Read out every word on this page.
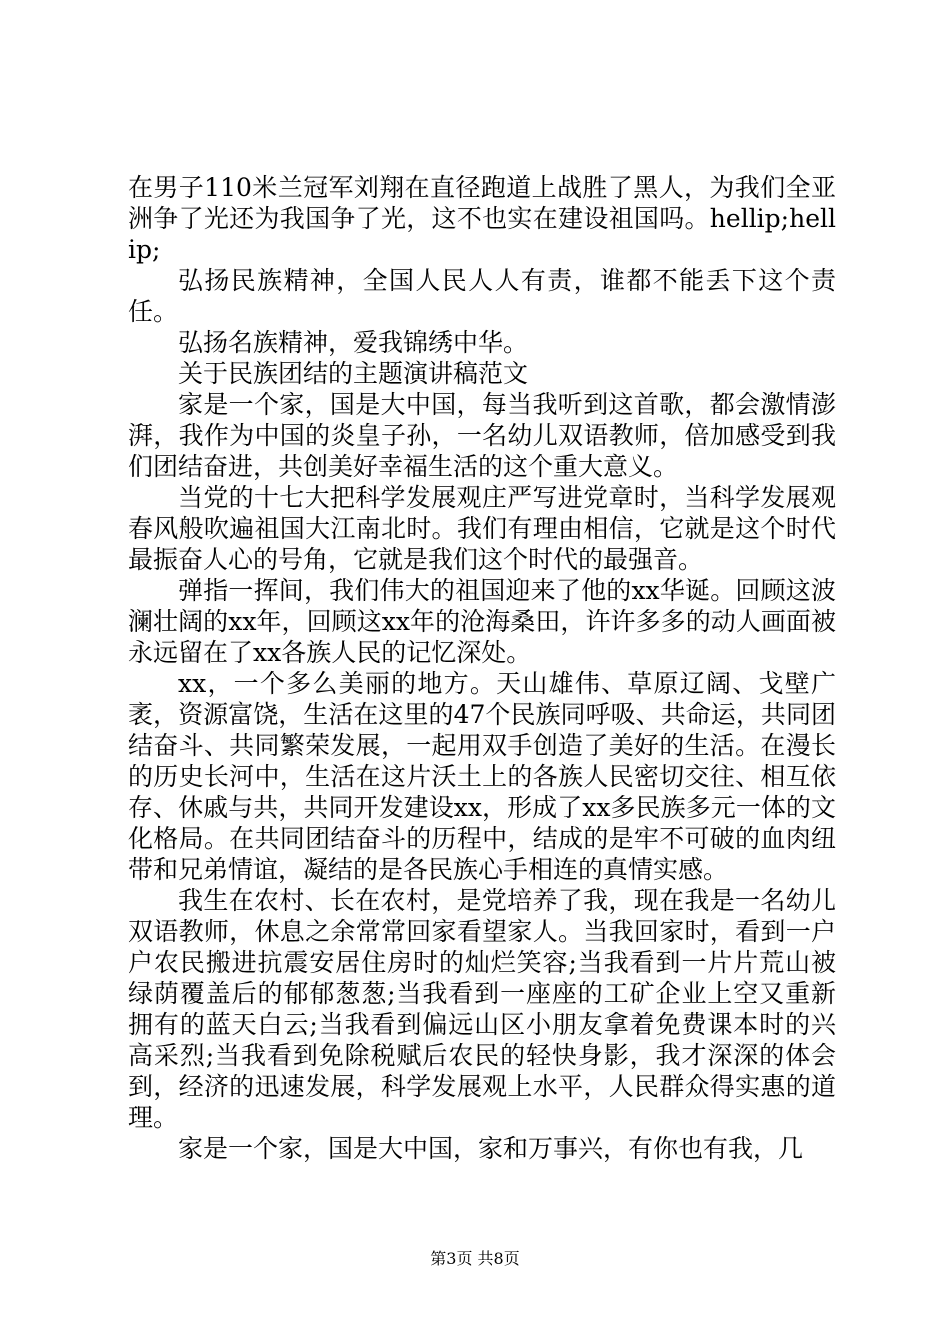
在男子110米兰冠军刘翔在直径跑道上战胜了黑人，为我们全亚洲争了光还为我国争了光，这不也实在建设祖国吗。hellip;hellip;

弘扬民族精神，全国人民人人有责，谁都不能丢下这个责任。

弘扬名族精神，爱我锦绣中华。

关于民族团结的主题演讲稿范文

家是一个家，国是大中国，每当我听到这首歌，都会激情澎湃，我作为中国的炎皇子孙，一名幼儿双语教师，倍加感受到我们团结奋进，共创美好幸福生活的这个重大意义。

当党的十七大把科学发展观庄严写进党章时，当科学发展观春风般吹遍祖国大江南北时。我们有理由相信，它就是这个时代最振奋人心的号角，它就是我们这个时代的最强音。

弹指一挥间，我们伟大的祖国迎来了他的xx华诞。回顾这波澜壮阔的xx年，回顾这xx年的沧海桑田，许许多多的动人画面被永远留在了xx各族人民的记忆深处。

xx，一个多么美丽的地方。天山雄伟、草原辽阔、戈壁广袤，资源富饶，生活在这里的47个民族同呼吸、共命运，共同团结奋斗、共同繁荣发展，一起用双手创造了美好的生活。在漫长的历史长河中，生活在这片沃土上的各族人民密切交往、相互依存、休戚与共，共同开发建设xx，形成了xx多民族多元一体的文化格局。在共同团结奋斗的历程中，结成的是牢不可破的血肉纽带和兄弟情谊，凝结的是各民族心手相连的真情实感。

我生在农村、长在农村，是党培养了我，现在我是一名幼儿双语教师，休息之余常常回家看望家人。当我回家时，看到一户户农民搬进抗震安居住房时的灿烂笑容;当我看到一片片荒山被绿荫覆盖后的郁郁葱葱;当我看到一座座的工矿企业上空又重新拥有的蓝天白云;当我看到偏远山区小朋友拿着免费课本时的兴高采烈;当我看到免除税赋后农民的轻快身影，我才深深的体会到，经济的迅速发展，科学发展观上水平，人民群众得实惠的道理。

家是一个家，国是大中国，家和万事兴，有你也有我，几

第3页 共8页
